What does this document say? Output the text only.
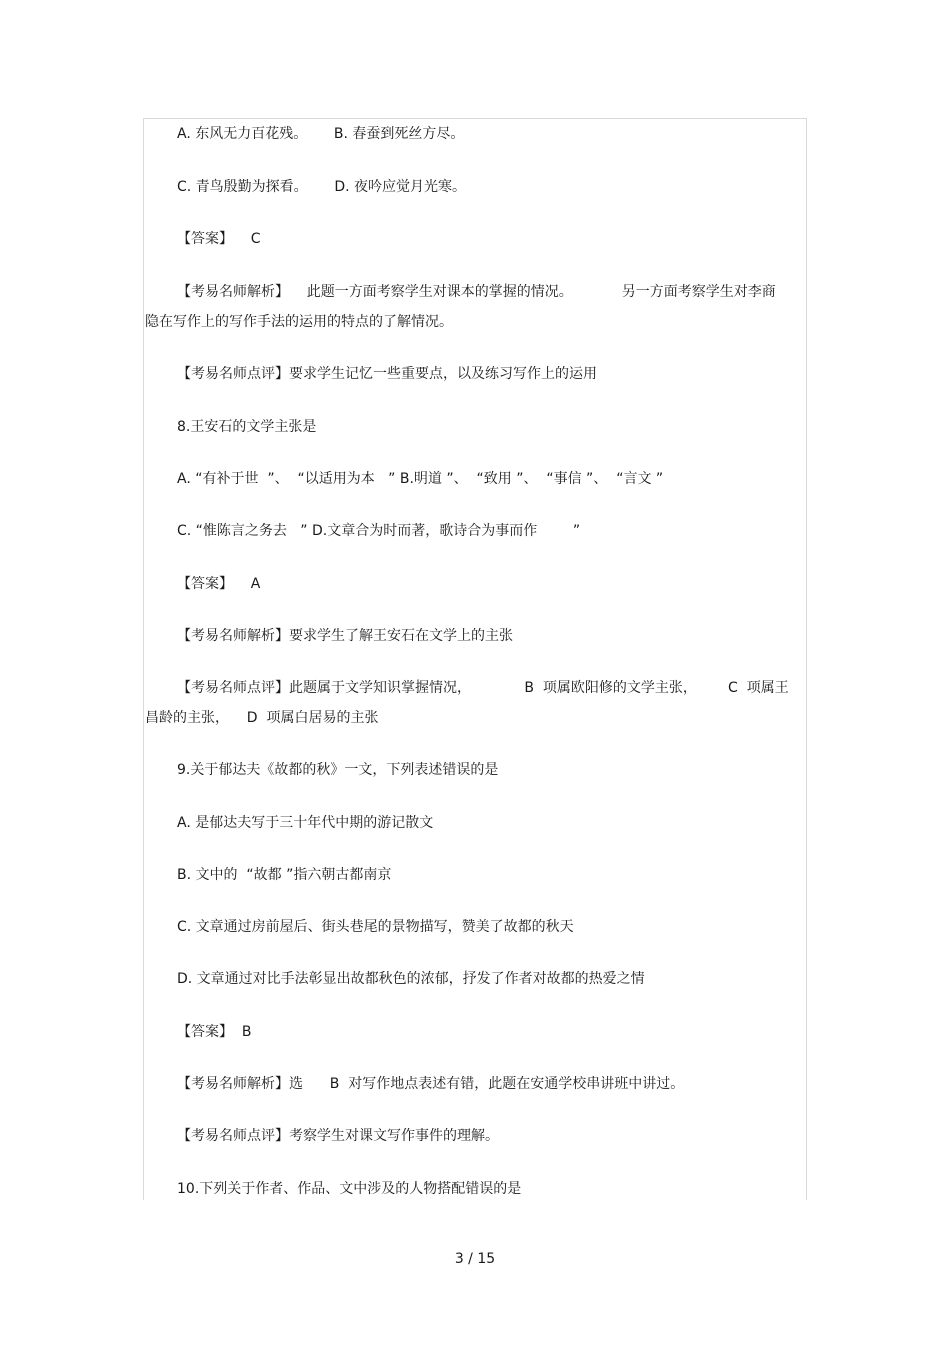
A. 东风无力百花残。      B. 春蚕到死丝方尽。
C. 青鸟殷勤为探看。      D. 夜吟应觉月光寒。
【答案】    C
【考易名师解析】    此题一方面考察学生对课本的掌握的情况。           另一方面考察学生对李商
隐在写作上的写作手法的运用的特点的了解情况。
【考易名师点评】要求学生记忆一些重要点，以及练习写作上的运用
8.王安石的文学主张是
A. “有补于世  ”、  “以适用为本   ” B.明道 ”、  “致用 ”、  “事信 ”、  “言文 ”
C. “惟陈言之务去   ” D.文章合为时而著，歌诗合为事而作        ”
【答案】    A
【考易名师解析】要求学生了解王安石在文学上的主张
【考易名师点评】此题属于文学知识掌握情况，            B  项属欧阳修的文学主张，       C  项属王
昌龄的主张，    D  项属白居易的主张
9.关于郁达夫《故都的秋》一文，下列表述错误的是
A. 是郁达夫写于三十年代中期的游记散文
B. 文中的  “故都 ”指六朝古都南京
C. 文章通过房前屋后、街头巷尾的景物描写，赞美了故都的秋天
D. 文章通过对比手法彰显出故都秋色的浓郁，抒发了作者对故都的热爱之情
【答案】  B
【考易名师解析】选      B  对写作地点表述有错，此题在安通学校串讲班中讲过。
【考易名师点评】考察学生对课文写作事件的理解。
10.下列关于作者、作品、文中涉及的人物搭配错误的是
3 / 15
